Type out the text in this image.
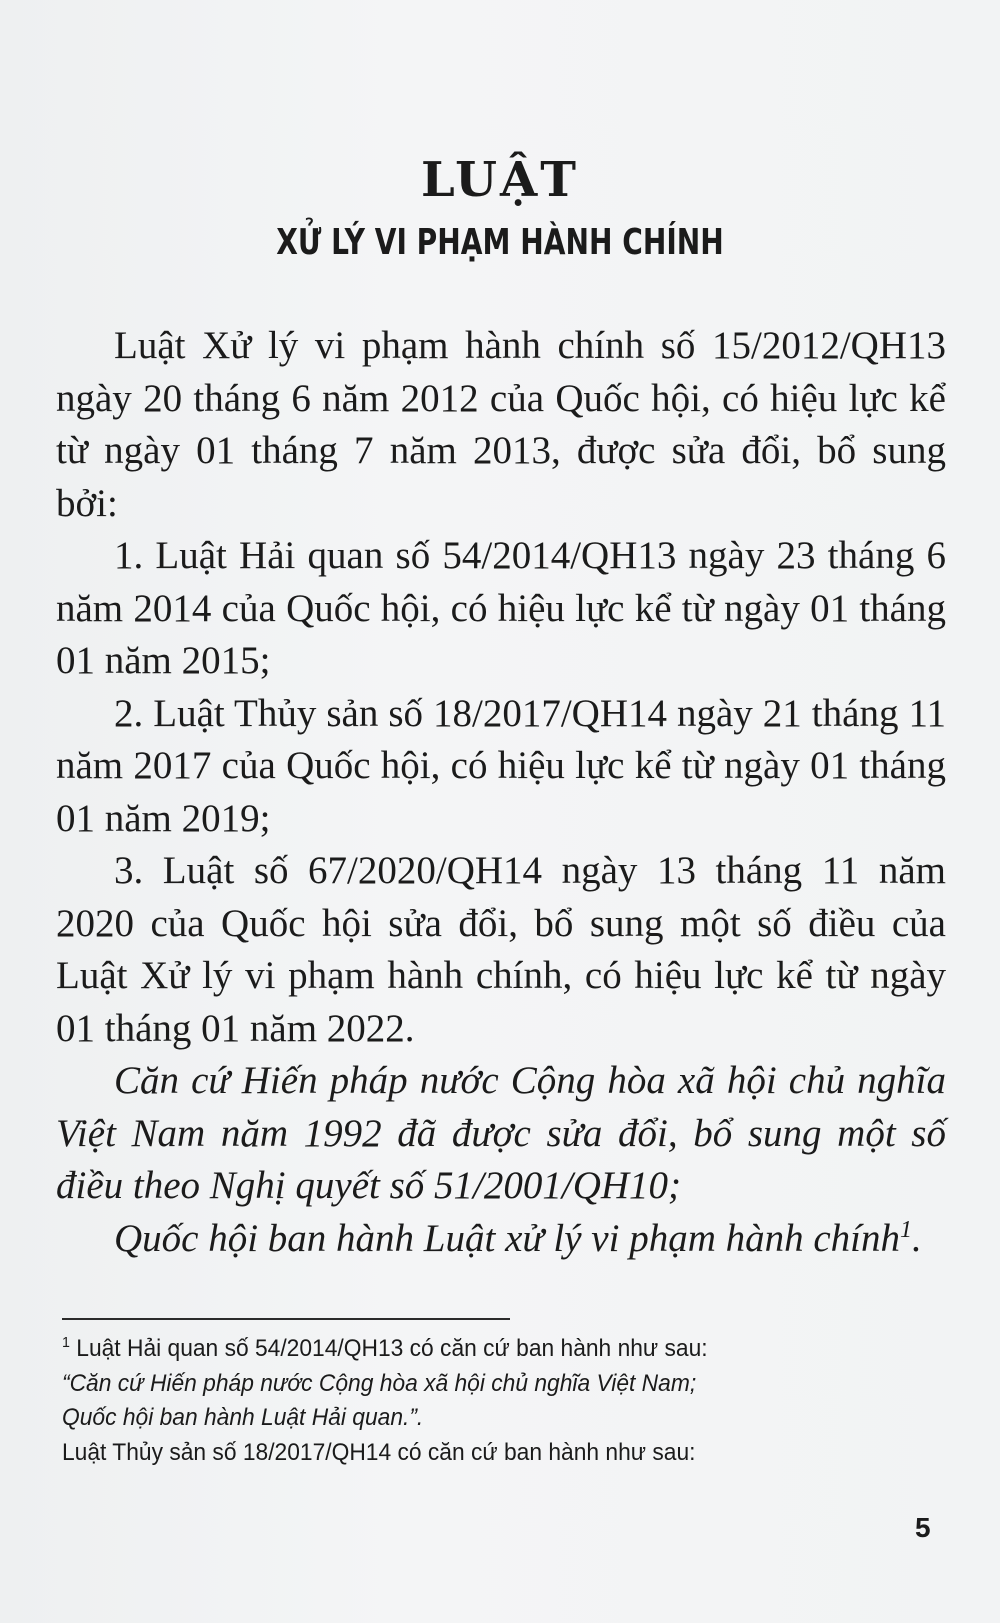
LUẬT
XỬ LÝ VI PHẠM HÀNH CHÍNH

Luật Xử lý vi phạm hành chính số 15/2012/QH13 ngày 20 tháng 6 năm 2012 của Quốc hội, có hiệu lực kể từ ngày 01 tháng 7 năm 2013, được sửa đổi, bổ sung bởi:

1. Luật Hải quan số 54/2014/QH13 ngày 23 tháng 6 năm 2014 của Quốc hội, có hiệu lực kể từ ngày 01 tháng 01 năm 2015;

2. Luật Thủy sản số 18/2017/QH14 ngày 21 tháng 11 năm 2017 của Quốc hội, có hiệu lực kể từ ngày 01 tháng 01 năm 2019;

3. Luật số 67/2020/QH14 ngày 13 tháng 11 năm 2020 của Quốc hội sửa đổi, bổ sung một số điều của Luật Xử lý vi phạm hành chính, có hiệu lực kể từ ngày 01 tháng 01 năm 2022.

Căn cứ Hiến pháp nước Cộng hòa xã hội chủ nghĩa Việt Nam năm 1992 đã được sửa đổi, bổ sung một số điều theo Nghị quyết số 51/2001/QH10;

Quốc hội ban hành Luật xử lý vi phạm hành chính$^1$.

$^1$ Luật Hải quan số 54/2014/QH13 có căn cứ ban hành như sau:

“Căn cứ Hiến pháp nước Cộng hòa xã hội chủ nghĩa Việt Nam;

Quốc hội ban hành Luật Hải quan.”.

Luật Thủy sản số 18/2017/QH14 có căn cứ ban hành như sau:

5
